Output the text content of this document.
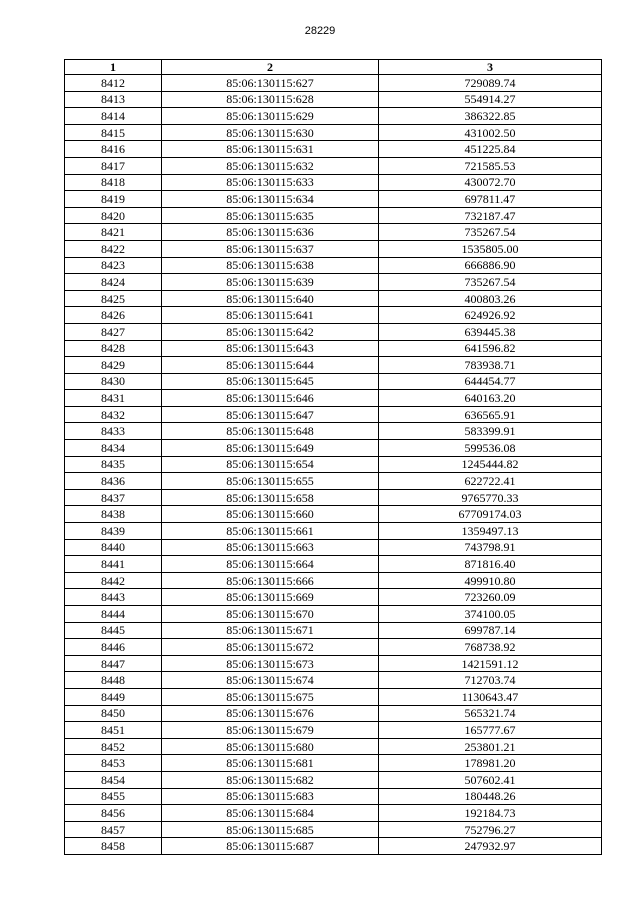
28229
1	2	3
8412	85:06:130115:627	729089.74
8413	85:06:130115:628	554914.27
8414	85:06:130115:629	386322.85
8415	85:06:130115:630	431002.50
8416	85:06:130115:631	451225.84
8417	85:06:130115:632	721585.53
8418	85:06:130115:633	430072.70
8419	85:06:130115:634	697811.47
8420	85:06:130115:635	732187.47
8421	85:06:130115:636	735267.54
8422	85:06:130115:637	1535805.00
8423	85:06:130115:638	666886.90
8424	85:06:130115:639	735267.54
8425	85:06:130115:640	400803.26
8426	85:06:130115:641	624926.92
8427	85:06:130115:642	639445.38
8428	85:06:130115:643	641596.82
8429	85:06:130115:644	783938.71
8430	85:06:130115:645	644454.77
8431	85:06:130115:646	640163.20
8432	85:06:130115:647	636565.91
8433	85:06:130115:648	583399.91
8434	85:06:130115:649	599536.08
8435	85:06:130115:654	1245444.82
8436	85:06:130115:655	622722.41
8437	85:06:130115:658	9765770.33
8438	85:06:130115:660	67709174.03
8439	85:06:130115:661	1359497.13
8440	85:06:130115:663	743798.91
8441	85:06:130115:664	871816.40
8442	85:06:130115:666	499910.80
8443	85:06:130115:669	723260.09
8444	85:06:130115:670	374100.05
8445	85:06:130115:671	699787.14
8446	85:06:130115:672	768738.92
8447	85:06:130115:673	1421591.12
8448	85:06:130115:674	712703.74
8449	85:06:130115:675	1130643.47
8450	85:06:130115:676	565321.74
8451	85:06:130115:679	165777.67
8452	85:06:130115:680	253801.21
8453	85:06:130115:681	178981.20
8454	85:06:130115:682	507602.41
8455	85:06:130115:683	180448.26
8456	85:06:130115:684	192184.73
8457	85:06:130115:685	752796.27
8458	85:06:130115:687	247932.97
